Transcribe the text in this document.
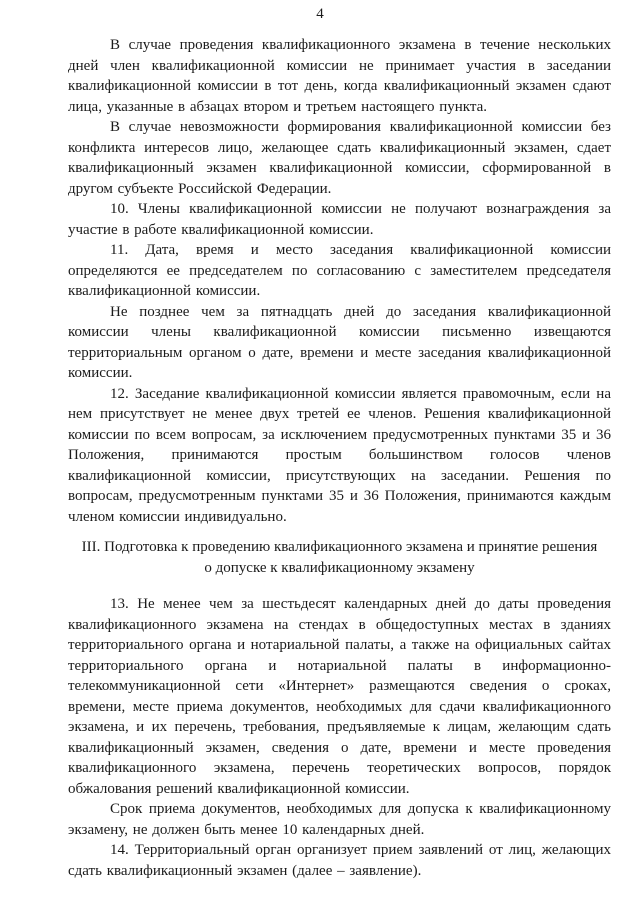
4

В случае проведения квалификационного экзамена в течение нескольких дней член квалификационной комиссии не принимает участия в заседании квалификационной комиссии в тот день, когда квалификационный экзамен сдают лица, указанные в абзацах втором и третьем настоящего пункта.

В случае невозможности формирования квалификационной комиссии без конфликта интересов лицо, желающее сдать квалификационный экзамен, сдает квалификационный экзамен квалификационной комиссии, сформированной в другом субъекте Российской Федерации.

10. Члены квалификационной комиссии не получают вознаграждения за участие в работе квалификационной комиссии.

11. Дата, время и место заседания квалификационной комиссии определяются ее председателем по согласованию с заместителем председателя квалификационной комиссии.

Не позднее чем за пятнадцать дней до заседания квалификационной комиссии члены квалификационной комиссии письменно извещаются территориальным органом о дате, времени и месте заседания квалификационной комиссии.

12. Заседание квалификационной комиссии является правомочным, если на нем присутствует не менее двух третей ее членов. Решения квалификационной комиссии по всем вопросам, за исключением предусмотренных пунктами 35 и 36 Положения, принимаются простым большинством голосов членов квалификационной комиссии, присутствующих на заседании. Решения по вопросам, предусмотренным пунктами 35 и 36 Положения, принимаются каждым членом комиссии индивидуально.

III. Подготовка к проведению квалификационного экзамена и принятие решения о допуске к квалификационному экзамену

13. Не менее чем за шестьдесят календарных дней до даты проведения квалификационного экзамена на стендах в общедоступных местах в зданиях территориального органа и нотариальной палаты, а также на официальных сайтах территориального органа и нотариальной палаты в информационно-телекоммуникационной сети «Интернет» размещаются сведения о сроках, времени, месте приема документов, необходимых для сдачи квалификационного экзамена, и их перечень, требования, предъявляемые к лицам, желающим сдать квалификационный экзамен, сведения о дате, времени и месте проведения квалификационного экзамена, перечень теоретических вопросов, порядок обжалования решений квалификационной комиссии.

Срок приема документов, необходимых для допуска к квалификационному экзамену, не должен быть менее 10 календарных дней.

14. Территориальный орган организует прием заявлений от лиц, желающих сдать квалификационный экзамен (далее – заявление).
